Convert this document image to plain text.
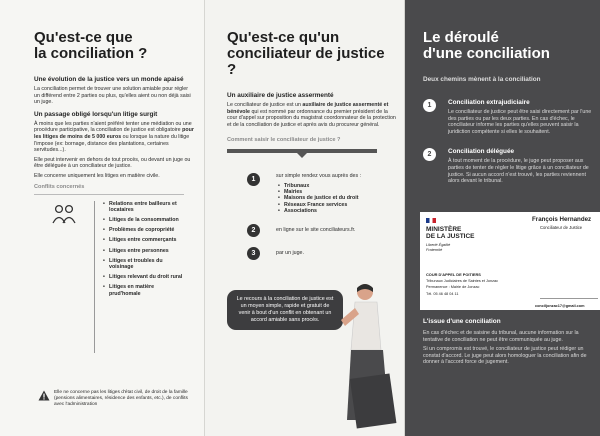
Qu'est-ce que
la conciliation ?
Une évolution de la justice vers un monde apaisé
La conciliation permet de trouver une solution amiable pour régler un différend entre 2 parties ou plus, qu'elles aient ou non déjà saisi un juge.
Un passage obligé lorsqu'un litige surgit
À moins que les parties n'aient préféré tenter une médiation ou une procédure participative, la conciliation de justice est obligatoire pour les litiges de moins de 5 000 euros ou lorsque la nature du litige l'impose (ex: bornage, distance des plantations, certaines servitudes...).
Elle peut intervenir en dehors de tout procès, ou devant un juge ou être déléguée à un conciliateur de justice.
Elle concerne uniquement les litiges en matière civile.
Conflits concernés
• Relations entre bailleurs et locataires
• Litiges de la consommation
• Problèmes de copropriété
• Litiges entre commerçants
• Litiges entre personnes
• Litiges et troubles du voisinage
• Litiges relevant du droit rural
• Litiges en matière prud'homale
Elle ne concerne pas les litiges d'état civil, de droit de la famille (pensions alimentaires, résidence des enfants, etc.), de conflits avec l'administration
Qu'est-ce qu'un
conciliateur de justice ?
Un auxiliaire de justice assermenté
Le conciliateur de justice est un auxiliaire de justice assermenté et bénévole qui est nommé par ordonnance du premier président de la cour d'appel sur proposition du magistrat coordonnateur de la protection et de la conciliation de justice et après avis du procureur général.
Comment saisir le conciliateur de justice ?
1	sur simple rendez vous auprès des :
• Tribunaux
• Mairies
• Maisons de justice et du droit
• Réseaux France services
• Associations
2	en ligne sur le site conciliateurs.fr.
3	par un juge.
Le recours à la conciliation de justice est un moyen simple, rapide et gratuit de venir à bout d'un conflit en obtenant un accord amiable sans procès.
Le déroulé
d'une conciliation
Deux chemins mènent à la conciliation
1	Conciliation extrajudiciaire
Le conciliateur de justice peut être saisi directement par l'une des parties ou par les deux parties. En cas d'échec, le conciliateur informe les parties qu'elles peuvent saisir la juridiction compétente si elles le souhaitent.
2	Conciliation déléguée
À tout moment de la procédure, le juge peut proposer aux parties de tenter de régler le litige grâce à un conciliateur de justice. Si aucun accord n'est trouvé, les parties reviennent alors devant le tribunal.
MINISTÈRE
DE LA JUSTICE
Liberté Égalité Fraternité
François Hernandez
Conciliateur de Justice
COUR D'APPEL DE POITIERS
Tribunaux Judiciaires de Saintes et Jonzac
Permanence : Mairie de Jonzac
Tél. 05 46 48 04 11
conciljonzac17@gmail.com
L'issue d'une conciliation
En cas d'échec et de saisine du tribunal, aucune information sur la tentative de conciliation ne peut être communiquée au juge.
Si un compromis est trouvé, le conciliateur de justice peut rédiger un constat d'accord. Le juge peut alors homologuer la conciliation afin de donner à l'accord force de jugement.
